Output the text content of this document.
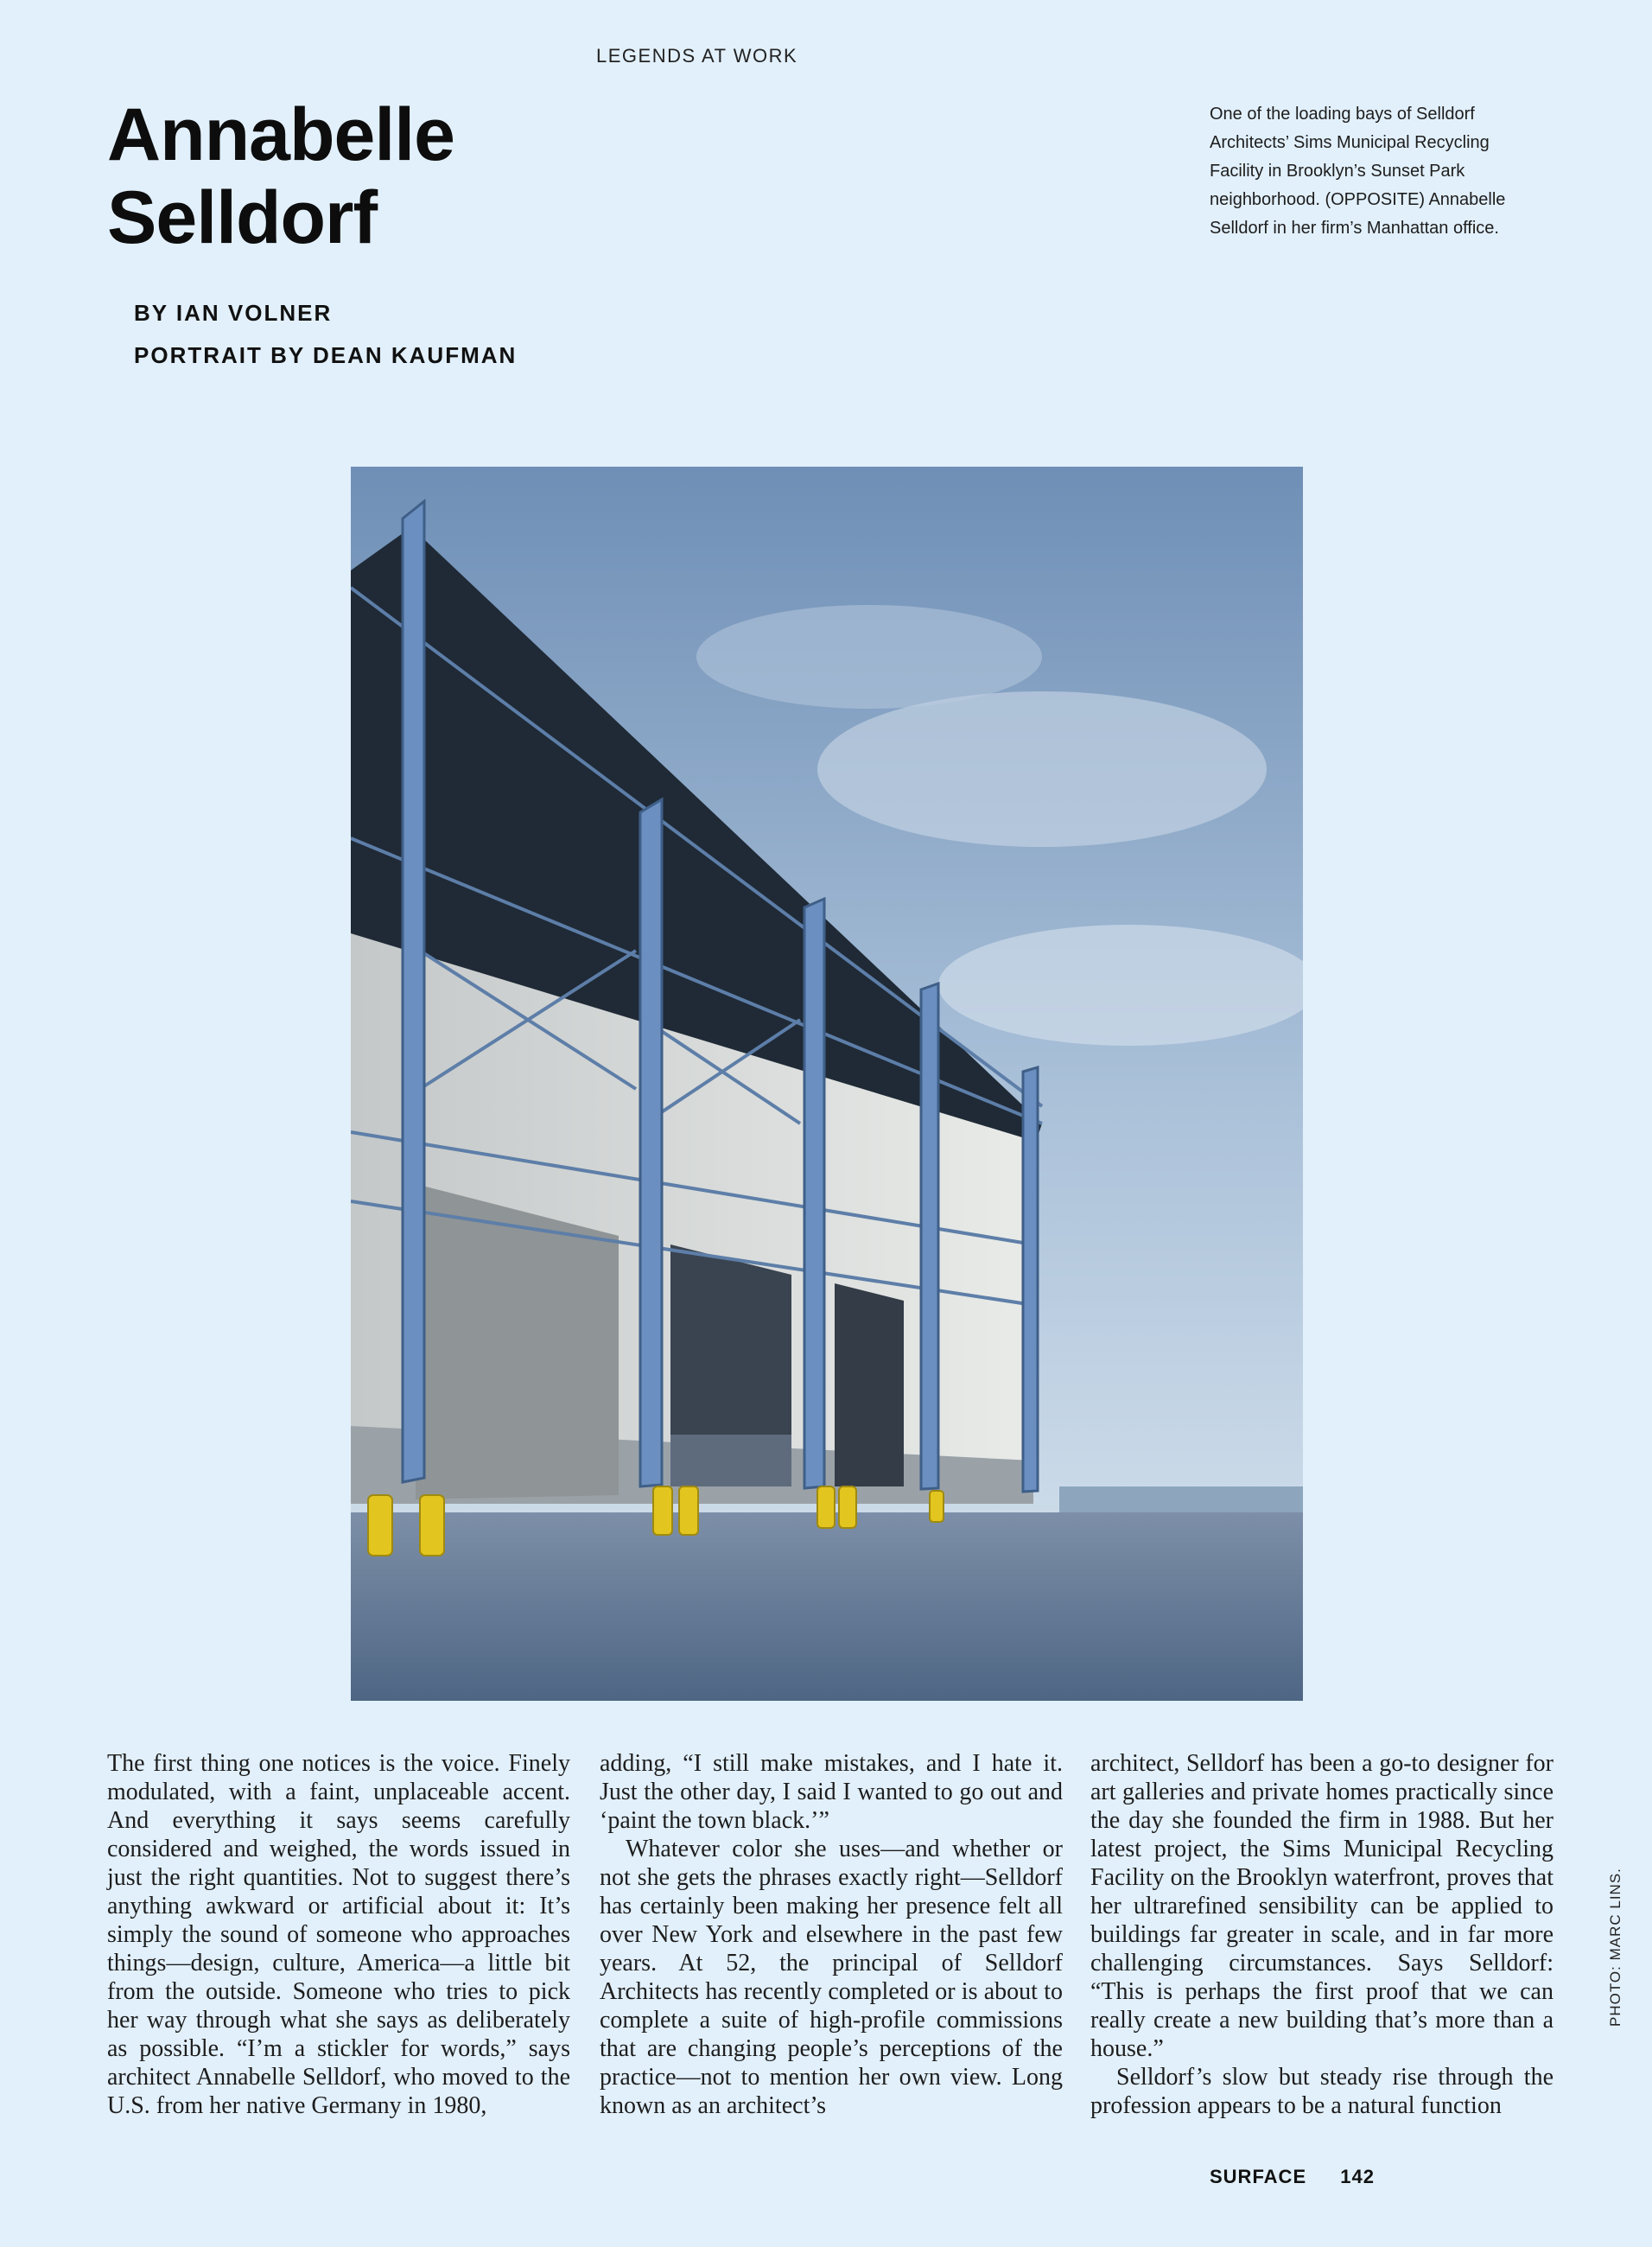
LEGENDS AT WORK
Annabelle
Selldorf
BY IAN VOLNER
PORTRAIT BY DEAN KAUFMAN
One of the loading bays of Selldorf Architects’ Sims Municipal Recycling Facility in Brooklyn’s Sunset Park neighborhood. (OPPOSITE) Annabelle Selldorf in her firm’s Manhattan office.

The first thing one notices is the voice. Finely modulated, with a faint, unplaceable accent. And everything it says seems carefully considered and weighed, the words issued in just the right quantities. Not to suggest there’s anything awkward or artificial about it: It’s simply the sound of someone who approaches things—design, culture, America—a little bit from the outside. Someone who tries to pick her way through what she says as deliberately as possible. “I’m a stickler for words,” says architect Annabelle Selldorf, who moved to the U.S. from her native Germany in 1980,

adding, “I still make mistakes, and I hate it. Just the other day, I said I wanted to go out and ‘paint the town black.’”

Whatever color she uses—and whether or not she gets the phrases exactly right—Selldorf has certainly been making her presence felt all over New York and elsewhere in the past few years. At 52, the principal of Selldorf Architects has recently completed or is about to complete a suite of high-profile commissions that are changing people’s perceptions of the practice—not to mention her own view. Long known as an architect’s

architect, Selldorf has been a go-to designer for art galleries and private homes practically since the day she founded the firm in 1988. But her latest project, the Sims Municipal Recycling Facility on the Brooklyn waterfront, proves that her ultrarefined sensibility can be applied to buildings far greater in scale, and in far more challenging circumstances. Says Selldorf: “This is perhaps the first proof that we can really create a new building that’s more than a house.”

Selldorf’s slow but steady rise through the profession appears to be a natural function

PHOTO: MARC LINS.
SURFACE 142
